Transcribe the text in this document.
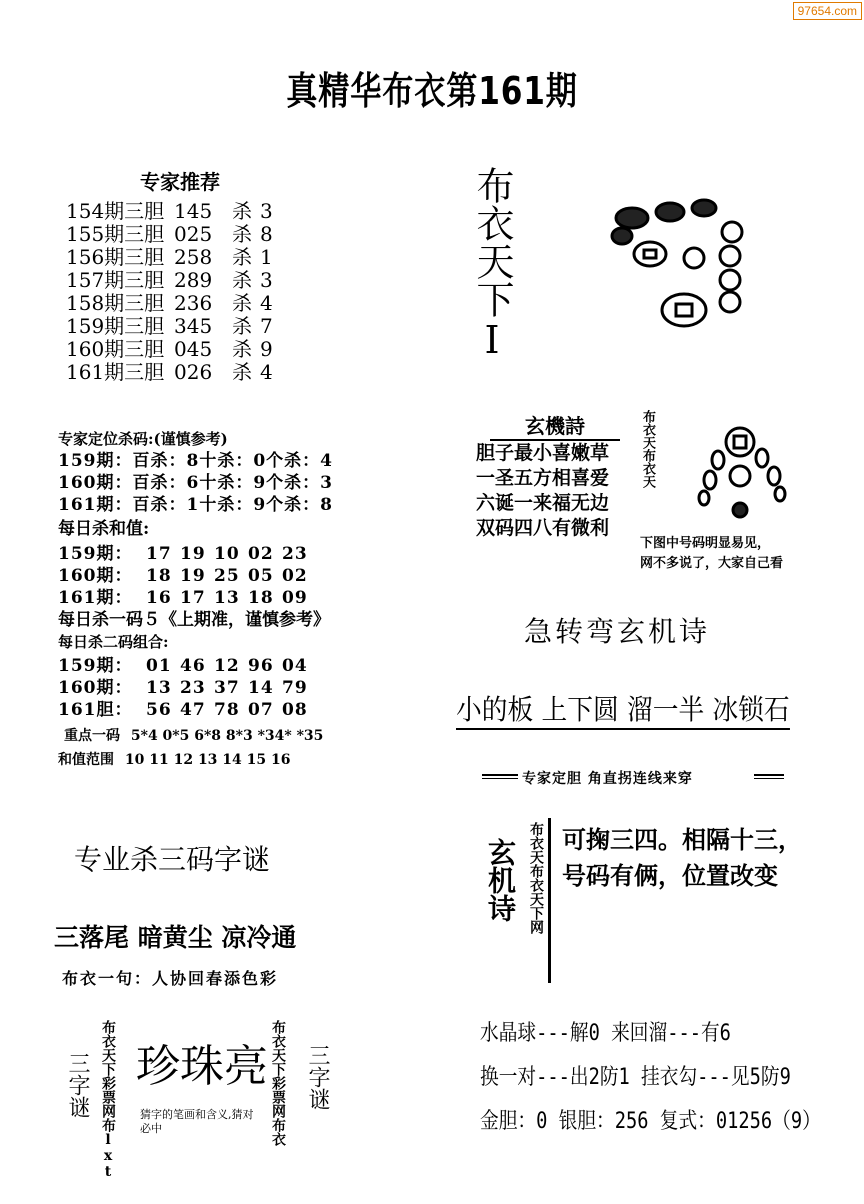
97654.com
真精华布衣第161期
专家推荐
154期三胆 145 杀 3
155期三胆 025 杀 8
156期三胆 258 杀 1
157期三胆 289 杀 3
158期三胆 236 杀 4
159期三胆 345 杀 7
160期三胆 045 杀 9
161期三胆 026 杀 4
专家定位杀码:(谨慎参考)
159期：百杀：8十杀：0个杀：4
160期：百杀：6十杀：9个杀：3
161期：百杀：1十杀：9个杀：8
每日杀和值:
159期： 17 19 10 02 23
160期： 18 19 25 05 02
161期： 16 17 13 18 09
每日杀一码５《上期准，谨慎参考》
每日杀二码组合:
159期： 01 46 12 96 04
160期： 13 23 37 14 79
161胆： 56 47 78 07 08
重点一码 5*4 0*5 6*8 8*3 *34* *35
和值范围 10 11 12 13 14 15 16
专业杀三码字谜
三落尾 暗黄尘 凉冷通
布衣一句：人协回春添色彩
三字谜 布衣天下彩票网布lxt 珍珠亮
猜字的笔画和含义,猜对必中	布衣天下彩票网布衣 三字谜
布衣天下I
玄機詩
胆子最小喜嫩草
一圣五方相喜爱
六诞一来福无边
双码四八有微利
布衣天布衣天
下图中号码明显易见，
网不多说了，大家自己看
急转弯玄机诗
小的板 上下圆 溜一半 冰锁石
专家定胆 角直拐连线来穿
玄机诗 布衣天布衣天下网 可掬三四。相隔十三，
号码有俩，位置改变
水晶球---解0 来回溜---有6
换一对---出2防1 挂衣勾---见5防9
金胆：0 银胆：256 复式：01256（9）
